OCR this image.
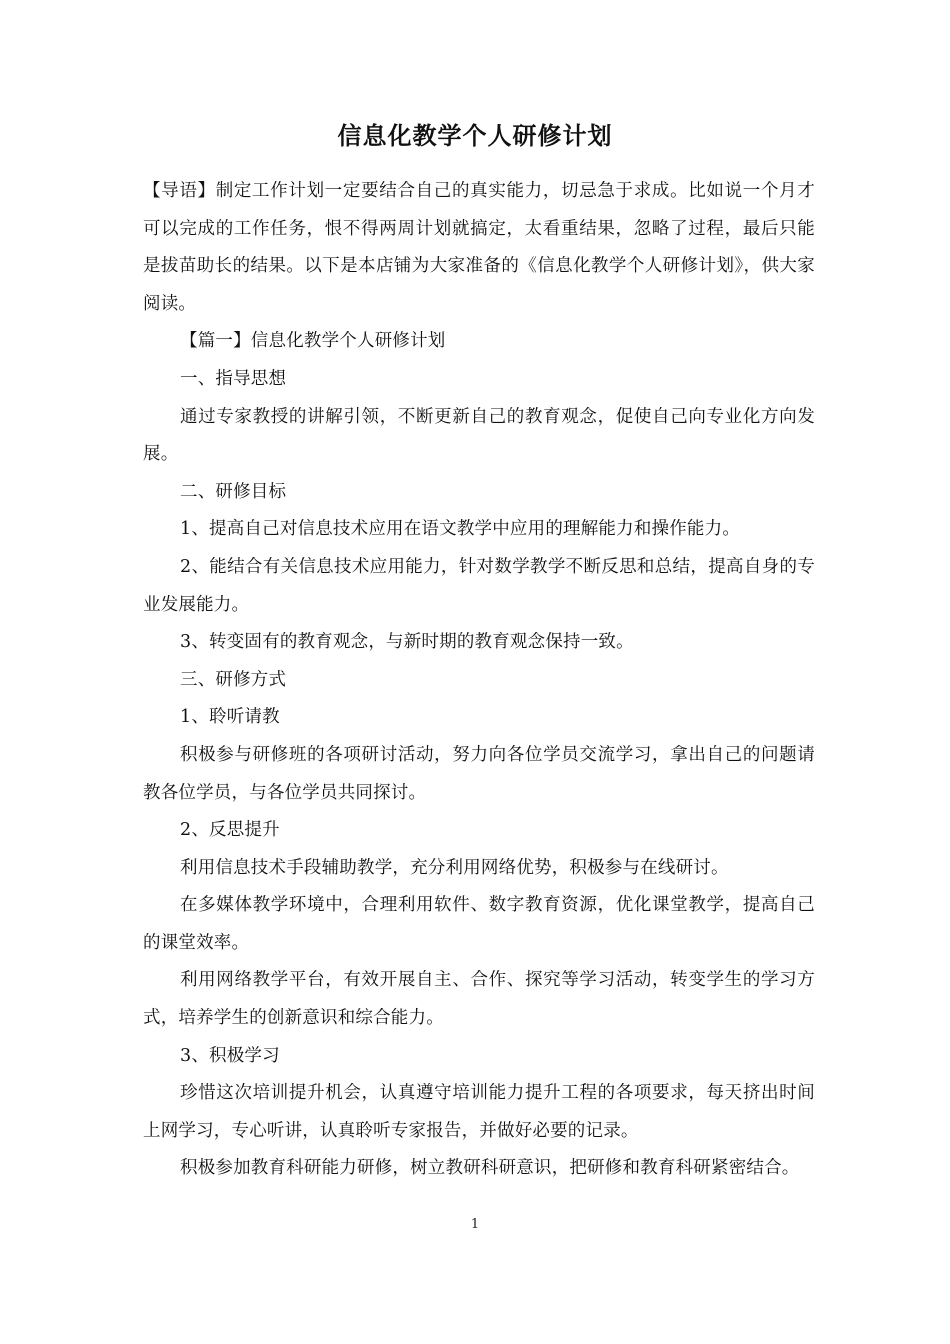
信息化教学个人研修计划

【导语】制定工作计划一定要结合自己的真实能力，切忌急于求成。比如说一个月才可以完成的工作任务，恨不得两周计划就搞定，太看重结果，忽略了过程，最后只能是拔苗助长的结果。以下是本店铺为大家准备的《信息化教学个人研修计划》，供大家阅读。

【篇一】信息化教学个人研修计划

一、指导思想

通过专家教授的讲解引领，不断更新自己的教育观念，促使自己向专业化方向发展。

二、研修目标

1、提高自己对信息技术应用在语文教学中应用的理解能力和操作能力。

2、能结合有关信息技术应用能力，针对数学教学不断反思和总结，提高自身的专业发展能力。

3、转变固有的教育观念，与新时期的教育观念保持一致。

三、研修方式

1、聆听请教

积极参与研修班的各项研讨活动，努力向各位学员交流学习，拿出自己的问题请教各位学员，与各位学员共同探讨。

2、反思提升

利用信息技术手段辅助教学，充分利用网络优势，积极参与在线研讨。

在多媒体教学环境中，合理利用软件、数字教育资源，优化课堂教学，提高自己的课堂效率。

利用网络教学平台，有效开展自主、合作、探究等学习活动，转变学生的学习方式，培养学生的创新意识和综合能力。

3、积极学习

珍惜这次培训提升机会，认真遵守培训能力提升工程的各项要求，每天挤出时间上网学习，专心听讲，认真聆听专家报告，并做好必要的记录。

积极参加教育科研能力研修，树立教研科研意识，把研修和教育科研紧密结合。

1
